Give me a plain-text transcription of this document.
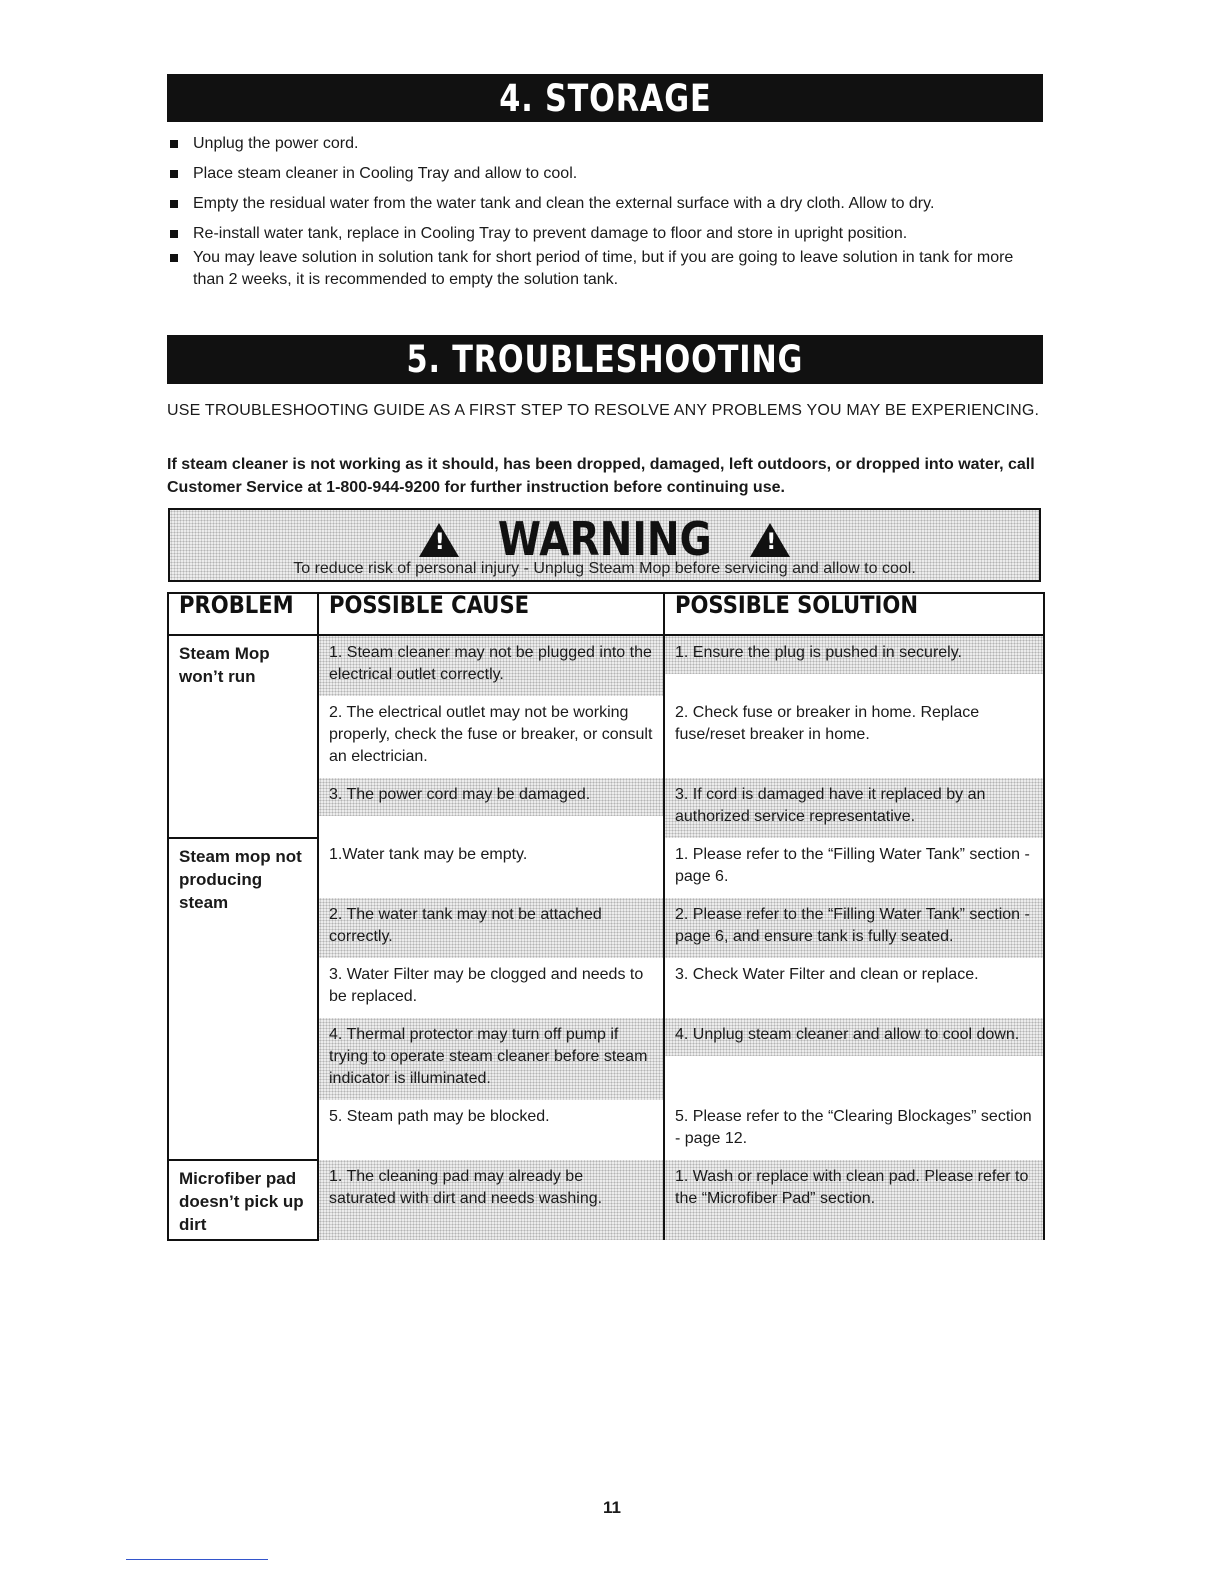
4. STORAGE
Unplug the power cord.
Place steam cleaner in Cooling Tray and allow to cool.
Empty the residual water from the water tank and clean the external surface with a dry cloth. Allow to dry.
Re-install water tank, replace in Cooling Tray to prevent damage to floor and store in upright position.
You may leave solution in solution tank for short period of time, but if you are going to leave solution in tank for more than 2 weeks, it is recommended to empty the solution tank.
5. TROUBLESHOOTING
USE TROUBLESHOOTING GUIDE AS A FIRST STEP TO RESOLVE ANY PROBLEMS YOU MAY BE EXPERIENCING.
If steam cleaner is not working as it should, has been dropped, damaged, left outdoors, or dropped into water, call Customer Service at 1-800-944-9200 for further instruction before continuing use.
! WARNING !
To reduce risk of personal injury - Unplug Steam Mop before servicing and allow to cool.
PROBLEM	POSSIBLE CAUSE	POSSIBLE SOLUTION
Steam Mop won’t run	1. Steam cleaner may not be plugged into the electrical outlet correctly.	1. Ensure the plug is pushed in securely.

	2. The electrical outlet may not be working properly, check the fuse or breaker, or consult an electrician.	2. Check fuse or breaker in home. Replace fuse/reset breaker in home.

	3. The power cord may be damaged.	3. If cord is damaged have it replaced by an authorized service representative.

Steam mop not producing steam	1.Water tank may be empty.	1. Please refer to the “Filling Water Tank” section - page 6.

	2. The water tank may not be attached correctly.	2. Please refer to the “Filling Water Tank” section - page 6, and ensure tank is fully seated.

	3. Water Filter may be clogged and needs to be replaced.	3. Check Water Filter and clean or replace.

	4. Thermal protector may turn off pump if trying to operate steam cleaner before steam indicator is illuminated.	4. Unplug steam cleaner and allow to cool down.

	5. Steam path may be blocked.	5. Please refer to the “Clearing Blockages” section - page 12.

Microfiber pad doesn’t pick up dirt	1. The cleaning pad may already be saturated with dirt and needs washing.	1. Wash or replace with clean pad. Please refer to the “Microfiber Pad” section.
11
